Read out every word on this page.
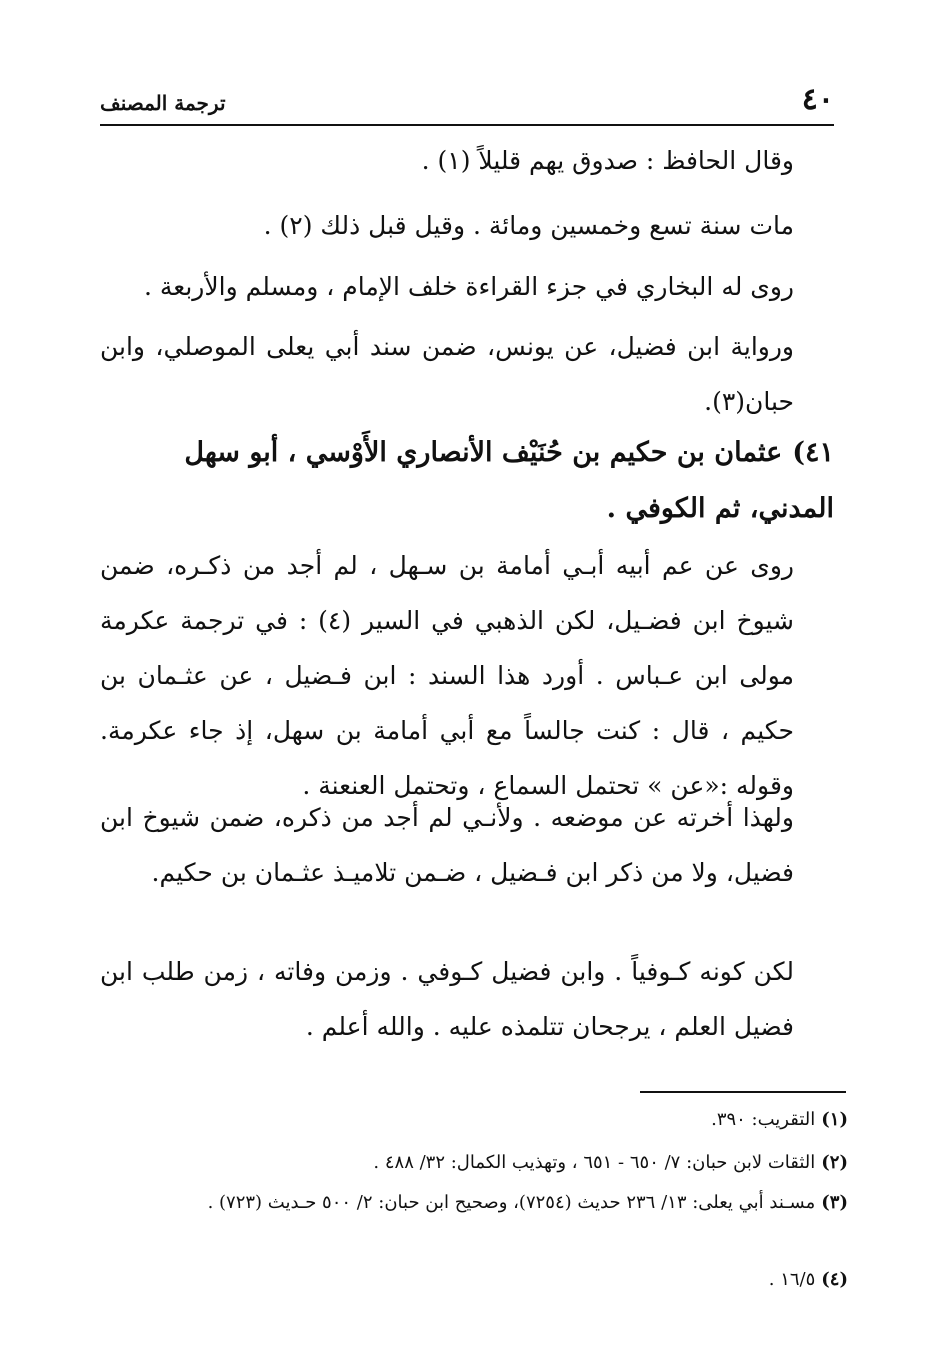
٤٠
ترجمة المصنف

وقال الحافظ : صدوق يهم قليلاً (١) .

مات سنة تسع وخمسين ومائة . وقيل قبل ذلك (٢) .

روى له البخاري في جزء القراءة خلف الإمام ، ومسلم والأربعة .

ورواية ابن فضيل، عن يونس، ضمن سند أبي يعلى الموصلي، وابن حبان(٣).

٤١)عثمان بن حكيم بن حُنَيْف الأنصاري الأَوْسي ، أبو سهل المدني، ثم الكوفي .

روى عن عم أبيه أبـي أمامة بن سـهل ، لم أجد من ذكـره، ضمن شيوخ ابن فضـيل، لكن الذهبي في السير (٤) : في ترجمة عكرمة مولى ابن عـباس . أورد هذا السند : ابن فـضيل ، عن عثـمان بن حكيم ، قال : كنت جالساً مع أبي أمامة بن سهل، إذ جاء عكرمة. وقوله :«عن » تحتمل السماع ، وتحتمل العنعنة .

ولهذا أخرته عن موضعه . ولأنـي لم أجد من ذكره، ضمن شيوخ ابن فضيل، ولا من ذكر ابن فـضيل ، ضـمن تلاميـذ عثـمان بن حكيم.

لكن كونه كـوفياً . وابن فضيل كـوفي . وزمن وفاته ، زمن طلب ابن فضيل العلم ، يرجحان تتلمذه عليه . والله أعلم .

(١)التقريب: ٣٩٠.

(٢)الثقات لابن حبان: ٧/ ٦٥٠ - ٦٥١ ، وتهذيب الكمال: ٣٢/ ٤٨٨ .

(٣)مسـند أبي يعلى: ١٣/ ٢٣٦ حديث (٧٢٥٤)، وصحيح ابن حبان: ٢/ ٥٠٠ حـديث (٧٢٣) .

(٤)١٦/٥ .
